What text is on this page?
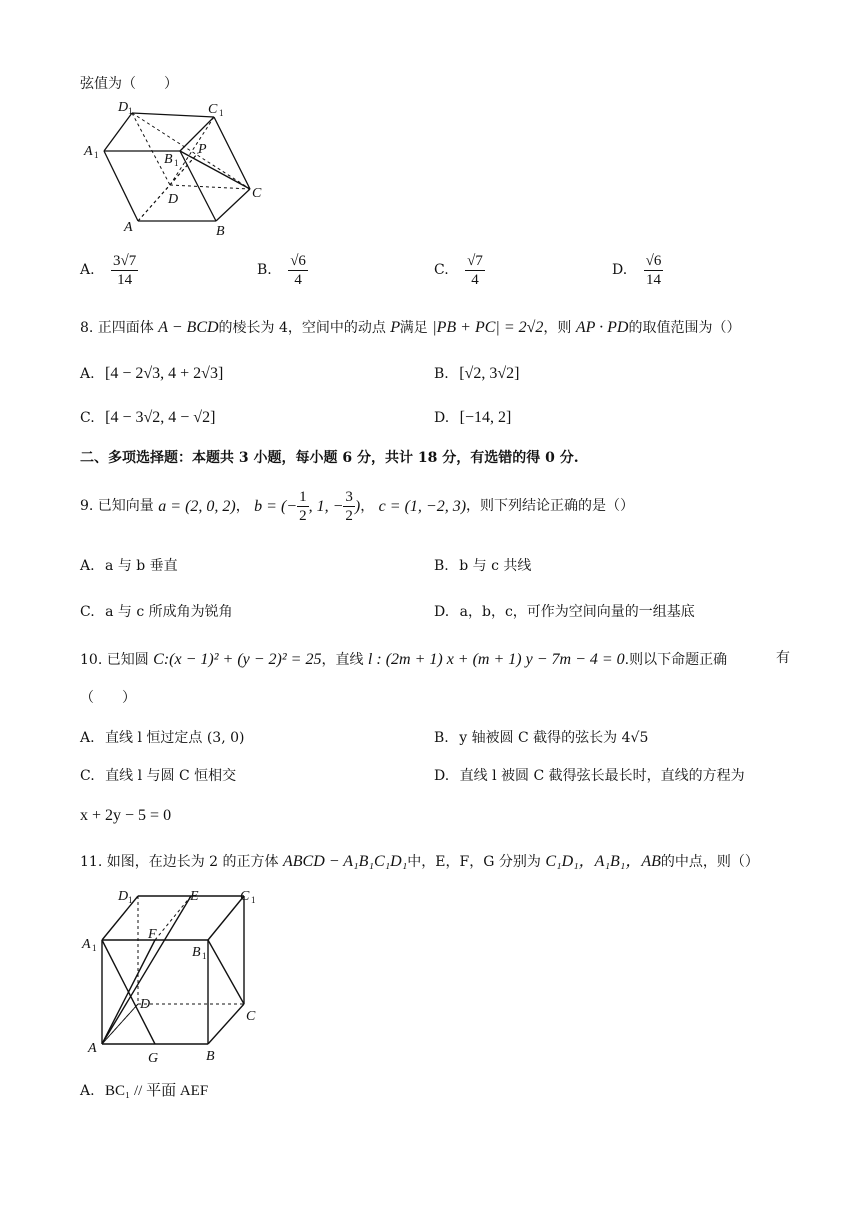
弦值为（　　）
D 1	C 1
A 1	B 1
P
D	C
A	B
A. $\frac{3√7}{14}$	B. $\frac{√6}{4}$	C. $\frac{√7}{4}$	D. $\frac{√6}{14}$
8. 正四面体 A − BCD的棱长为 4，空间中的动点 P满足 |PB + PC| = 2√2，则 AP · PD的取值范围为（）
A. [4 − 2√3, 4 + 2√3]	B. [√2, 3√2]
C. [4 − 3√2, 4 − √2]	D. [−14, 2]
二、多项选择题：本题共 3 小题，每小题 6 分，共计 18 分，有选错的得 0 分.
9. 已知向量 a = (2, 0, 2)， b = (− $\frac{1}{2}$ , 1, − $\frac{3}{2}$ )， c = (1, −2, 3)，则下列结论正确的是（）
A. a 与 b 垂直	B. b 与 c 共线
C. a 与 c 所成角为锐角	D. a，b，c，可作为空间向量的一组基底
10. 已知圆 C:(x − 1)² + (y − 2)² = 25，直线 l : (2m + 1) x + (m + 1) y − 7m − 4 = 0.则以下命题正确	有
（　　）
A. 直线 l 恒过定点 (3, 0)	B. y 轴被圆 C 截得的弦长为 4√5
C. 直线 l 与圆 C 恒相交	D. 直线 l 被圆 C 截得弦长最长时，直线的方程为
x + 2y − 5 = 0
11. 如图，在边长为 2 的正方体 ABCD − A₁B₁C₁D₁中，E，F，G 分别为 C₁D₁，A₁B₁，AB的中点，则（）
D 1	E	C 1
A 1
F
B 1
D
C
A
G	B
A. BC₁ // 平面 AEF
